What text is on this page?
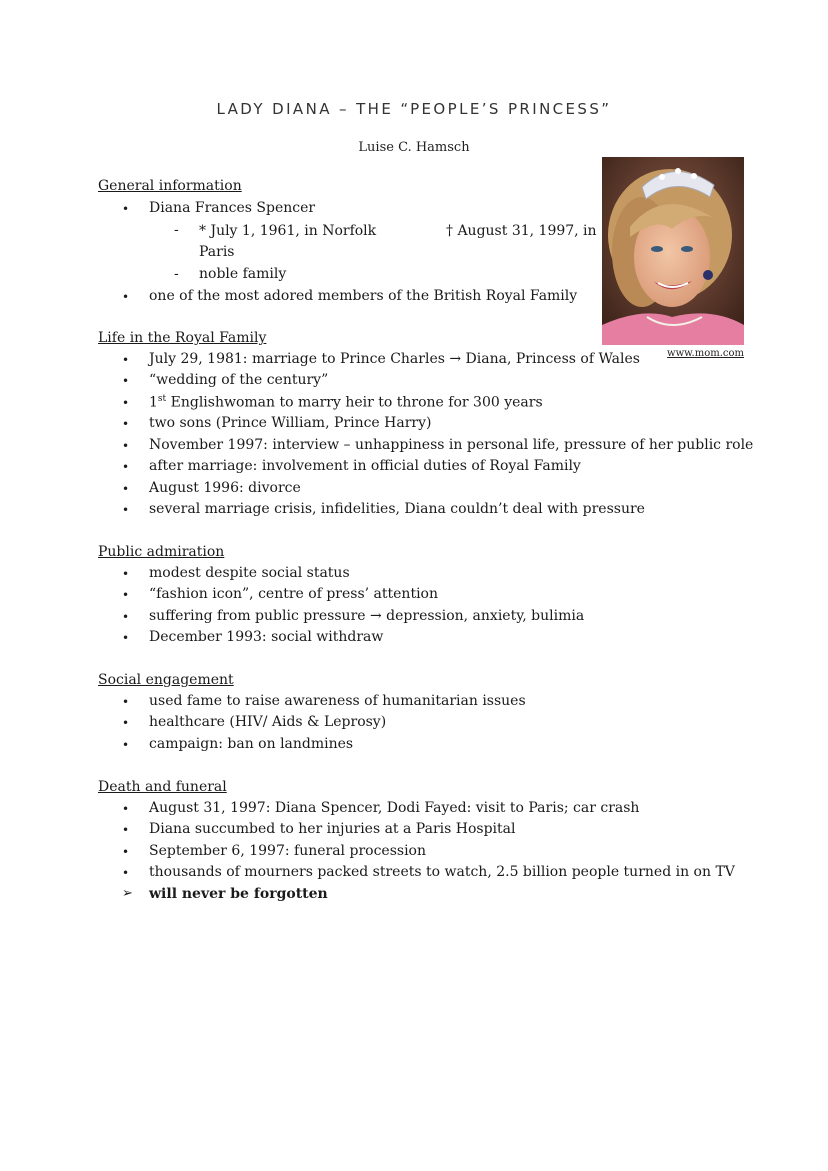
LADY DIANA – THE “PEOPLE’S PRINCESS”
Luise C. Hamsch
www.mom.com
General information
• Diana Frances Spencer
- * July 1, 1961, in Norfolk	† August 31, 1997, in
Paris
- noble family
• one of the most adored members of the British Royal Family
Life in the Royal Family
• July 29, 1981: marriage to Prince Charles → Diana, Princess of Wales
• “wedding of the century”
• 1st Englishwoman to marry heir to throne for 300 years
• two sons (Prince William, Prince Harry)
• November 1997: interview – unhappiness in personal life, pressure of her public role
• after marriage: involvement in official duties of Royal Family
• August 1996: divorce
• several marriage crisis, infidelities, Diana couldn’t deal with pressure
Public admiration
• modest despite social status
• “fashion icon”, centre of press’ attention
• suffering from public pressure → depression, anxiety, bulimia
• December 1993: social withdraw
Social engagement
• used fame to raise awareness of humanitarian issues
• healthcare (HIV/ Aids & Leprosy)
• campaign: ban on landmines
Death and funeral
• August 31, 1997: Diana Spencer, Dodi Fayed: visit to Paris; car crash
• Diana succumbed to her injuries at a Paris Hospital
• September 6, 1997: funeral procession
• thousands of mourners packed streets to watch, 2.5 billion people turned in on TV
➢ will never be forgotten
